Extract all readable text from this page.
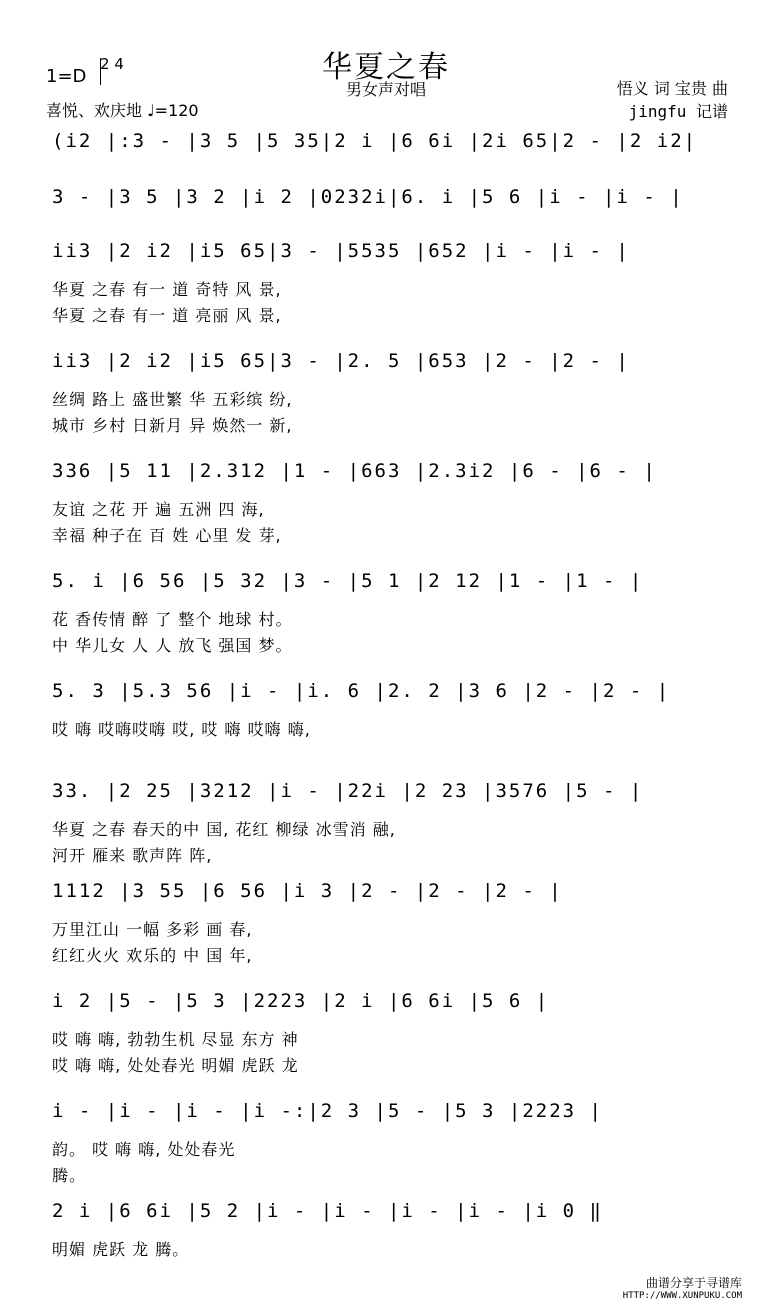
华夏之春
男女声对唱
1=D
2 4
喜悦、欢庆地 ♩=120
悟义 词 宝贵 曲
jingfu 记谱
(i2 |:3 - |3 5 |5 35|2 i |6 6i |2i 65|2 - |2 i2|
3 - |3 5 |3 2 |i 2 |0232i|6. i |5 6 |i - |i - |
ii3 |2 i2 |i5 65|3 - |5535 |652 |i - |i - |
华夏 之春 有一 道 奇特 风 景,
华夏 之春 有一 道 亮丽 风 景,
ii3 |2 i2 |i5 65|3 - |2. 5 |653 |2 - |2 - |
丝绸 路上 盛世繁 华 五彩缤 纷,
城市 乡村 日新月 异 焕然一 新,
336 |5 11 |2.312 |1 - |663 |2.3i2 |6 - |6 - |
友谊 之花 开 遍 五洲 四 海,
幸福 种子在 百 姓 心里 发 芽,
5. i |6 56 |5 32 |3 - |5 1 |2 12 |1 - |1 - |
花 香传情 醉 了 整个 地球 村。
中 华儿女 人 人 放飞 强国 梦。
5. 3 |5.3 56 |i - |i. 6 |2. 2 |3 6 |2 - |2 - |
哎 嗨 哎嗨哎嗨 哎, 哎 嗨 哎嗨 嗨,
33. |2 25 |3212 |i - |22i |2 23 |3576 |5 - |
华夏 之春 春天的中 国, 花红 柳绿 冰雪消 融,
河开 雁来 歌声阵 阵,
1112 |3 55 |6 56 |i 3 |2 - |2 - |2 - |
万里江山 一幅 多彩 画 春,
红红火火 欢乐的 中 国 年,
i 2 |5 - |5 3 |2223 |2 i |6 6i |5 6 |
哎 嗨 嗨, 勃勃生机 尽显 东方 神
哎 嗨 嗨, 处处春光 明媚 虎跃 龙
i - |i - |i - |i -:|2 3 |5 - |5 3 |2223 |
韵。 哎 嗨 嗨, 处处春光
腾。
2 i |6 6i |5 2 |i - |i - |i - |i - |i 0 ‖
明媚 虎跃 龙 腾。
曲谱分享于寻谱库
HTTP://WWW.XUNPUKU.COM
